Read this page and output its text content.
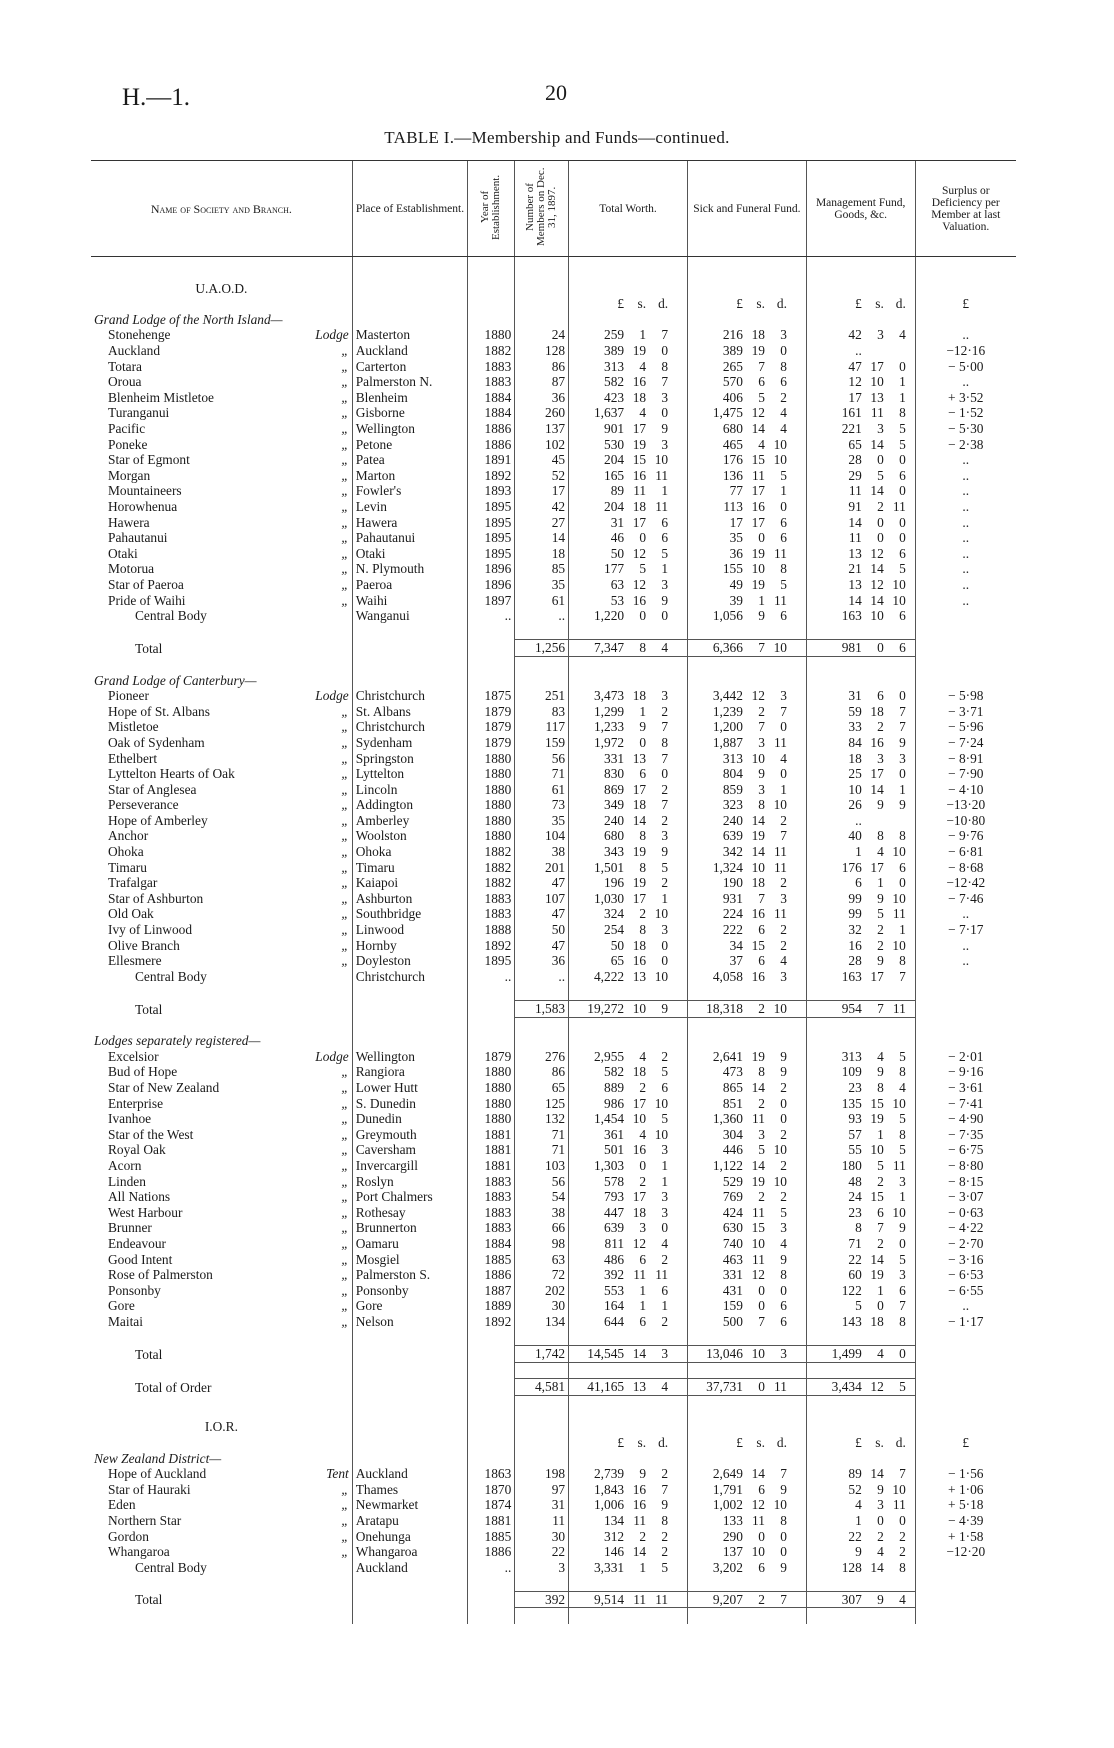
H.—1.	20
TABLE I.—Membership and Funds—continued.
Name of Society and Branch.	Place of Establishment.	Year of Establishment.	Number of Members on Dec. 31, 1897.	Total Worth.	Sick and Funeral Fund.	Management Fund, Goods, &c.	Surplus or Deficiency per Member at last Valuation.

U.A.O.D.							
				£ s. d.	£ s. d.	£ s. d.	£
Grand Lodge of the North Island—							
Stonehenge Lodge	Masterton	1880	24	259 1 7	216 18 3	42 3 4	..
Auckland „	Auckland	1882	128	389 19 0	389 19 0	..	−12·16
Totara „	Carterton	1883	86	313 4 8	265 7 8	47 17 0	− 5·00
Oroua „	Palmerston N.	1883	87	582 16 7	570 6 6	12 10 1	..
Blenheim Mistletoe „	Blenheim	1884	36	423 18 3	406 5 2	17 13 1	+ 3·52
Turanganui „	Gisborne	1884	260	1,637 4 0	1,475 12 4	161 11 8	− 1·52
Pacific „	Wellington	1886	137	901 17 9	680 14 4	221 3 5	− 5·30
Poneke „	Petone	1886	102	530 19 3	465 4 10	65 14 5	− 2·38
Star of Egmont „	Patea	1891	45	204 15 10	176 15 10	28 0 0	..
Morgan „	Marton	1892	52	165 16 11	136 11 5	29 5 6	..
Mountaineers „	Fowler's	1893	17	89 11 1	77 17 1	11 14 0	..
Horowhenua „	Levin	1895	42	204 18 11	113 16 0	91 2 11	..
Hawera „	Hawera	1895	27	31 17 6	17 17 6	14 0 0	..
Pahautanui „	Pahautanui	1895	14	46 0 6	35 0 6	11 0 0	..
Otaki „	Otaki	1895	18	50 12 5	36 19 11	13 12 6	..
Motorua „	N. Plymouth	1896	85	177 5 1	155 10 8	21 14 5	..
Star of Paeroa „	Paeroa	1896	35	63 12 3	49 19 5	13 12 10	..
Pride of Waihi „	Waihi	1897	61	53 16 9	39 1 11	14 14 10	..
Central Body	Wanganui	..	..	1,220 0 0	1,056 9 6	163 10 6	

Total			1,256	7,347 8 4	6,366 7 10	981 0 6	

Grand Lodge of Canterbury—							
Pioneer Lodge	Christchurch	1875	251	3,473 18 3	3,442 12 3	31 6 0	− 5·98
Hope of St. Albans „	St. Albans	1879	83	1,299 1 2	1,239 2 7	59 18 7	− 3·71
Mistletoe „	Christchurch	1879	117	1,233 9 7	1,200 7 0	33 2 7	− 5·96
Oak of Sydenham „	Sydenham	1879	159	1,972 0 8	1,887 3 11	84 16 9	− 7·24
Ethelbert „	Springston	1880	56	331 13 7	313 10 4	18 3 3	− 8·91
Lyttelton Hearts of Oak „	Lyttelton	1880	71	830 6 0	804 9 0	25 17 0	− 7·90
Star of Anglesea „	Lincoln	1880	61	869 17 2	859 3 1	10 14 1	− 4·10
Perseverance „	Addington	1880	73	349 18 7	323 8 10	26 9 9	−13·20
Hope of Amberley „	Amberley	1880	35	240 14 2	240 14 2	..	−10·80
Anchor „	Woolston	1880	104	680 8 3	639 19 7	40 8 8	− 9·76
Ohoka „	Ohoka	1882	38	343 19 9	342 14 11	1 4 10	− 6·81
Timaru „	Timaru	1882	201	1,501 8 5	1,324 10 11	176 17 6	− 8·68
Trafalgar „	Kaiapoi	1882	47	196 19 2	190 18 2	6 1 0	−12·42
Star of Ashburton „	Ashburton	1883	107	1,030 17 1	931 7 3	99 9 10	− 7·46
Old Oak „	Southbridge	1883	47	324 2 10	224 16 11	99 5 11	..
Ivy of Linwood „	Linwood	1888	50	254 8 3	222 6 2	32 2 1	− 7·17
Olive Branch „	Hornby	1892	47	50 18 0	34 15 2	16 2 10	..
Ellesmere „	Doyleston	1895	36	65 16 0	37 6 4	28 9 8	..
Central Body	Christchurch	..	..	4,222 13 10	4,058 16 3	163 17 7	

Total			1,583	19,272 10 9	18,318 2 10	954 7 11	

Lodges separately registered—							
Excelsior Lodge	Wellington	1879	276	2,955 4 2	2,641 19 9	313 4 5	− 2·01
Bud of Hope „	Rangiora	1880	86	582 18 5	473 8 9	109 9 8	− 9·16
Star of New Zealand „	Lower Hutt	1880	65	889 2 6	865 14 2	23 8 4	− 3·61
Enterprise „	S. Dunedin	1880	125	986 17 10	851 2 0	135 15 10	− 7·41
Ivanhoe „	Dunedin	1880	132	1,454 10 5	1,360 11 0	93 19 5	− 4·90
Star of the West „	Greymouth	1881	71	361 4 10	304 3 2	57 1 8	− 7·35
Royal Oak „	Caversham	1881	71	501 16 3	446 5 10	55 10 5	− 6·75
Acorn „	Invercargill	1881	103	1,303 0 1	1,122 14 2	180 5 11	− 8·80
Linden „	Roslyn	1883	56	578 2 1	529 19 10	48 2 3	− 8·15
All Nations „	Port Chalmers	1883	54	793 17 3	769 2 2	24 15 1	− 3·07
West Harbour „	Rothesay	1883	38	447 18 3	424 11 5	23 6 10	− 0·63
Brunner „	Brunnerton	1883	66	639 3 0	630 15 3	8 7 9	− 4·22
Endeavour „	Oamaru	1884	98	811 12 4	740 10 4	71 2 0	− 2·70
Good Intent „	Mosgiel	1885	63	486 6 2	463 11 9	22 14 5	− 3·16
Rose of Palmerston „	Palmerston S.	1886	72	392 11 11	331 12 8	60 19 3	− 6·53
Ponsonby „	Ponsonby	1887	202	553 1 6	431 0 0	122 1 6	− 6·55
Gore „	Gore	1889	30	164 1 1	159 0 6	5 0 7	..
Maitai „	Nelson	1892	134	644 6 2	500 7 6	143 18 8	− 1·17

Total			1,742	14,545 14 3	13,046 10 3	1,499 4 0	

Total of Order			4,581	41,165 13 4	37,731 0 11	3,434 12 5	

I.O.R.							
				£ s. d.	£ s. d.	£ s. d.	£
New Zealand District—							
Hope of Auckland Tent	Auckland	1863	198	2,739 9 2	2,649 14 7	89 14 7	− 1·56
Star of Hauraki „	Thames	1870	97	1,843 16 7	1,791 6 9	52 9 10	+ 1·06
Eden „	Newmarket	1874	31	1,006 16 9	1,002 12 10	4 3 11	+ 5·18
Northern Star „	Aratapu	1881	11	134 11 8	133 11 8	1 0 0	− 4·39
Gordon „	Onehunga	1885	30	312 2 2	290 0 0	22 2 2	+ 1·58
Whangaroa „	Whangaroa	1886	22	146 14 2	137 10 0	9 4 2	−12·20
Central Body	Auckland	..	3	3,331 1 5	3,202 6 9	128 14 8	

Total			392	9,514 11 11	9,207 2 7	307 9 4	
